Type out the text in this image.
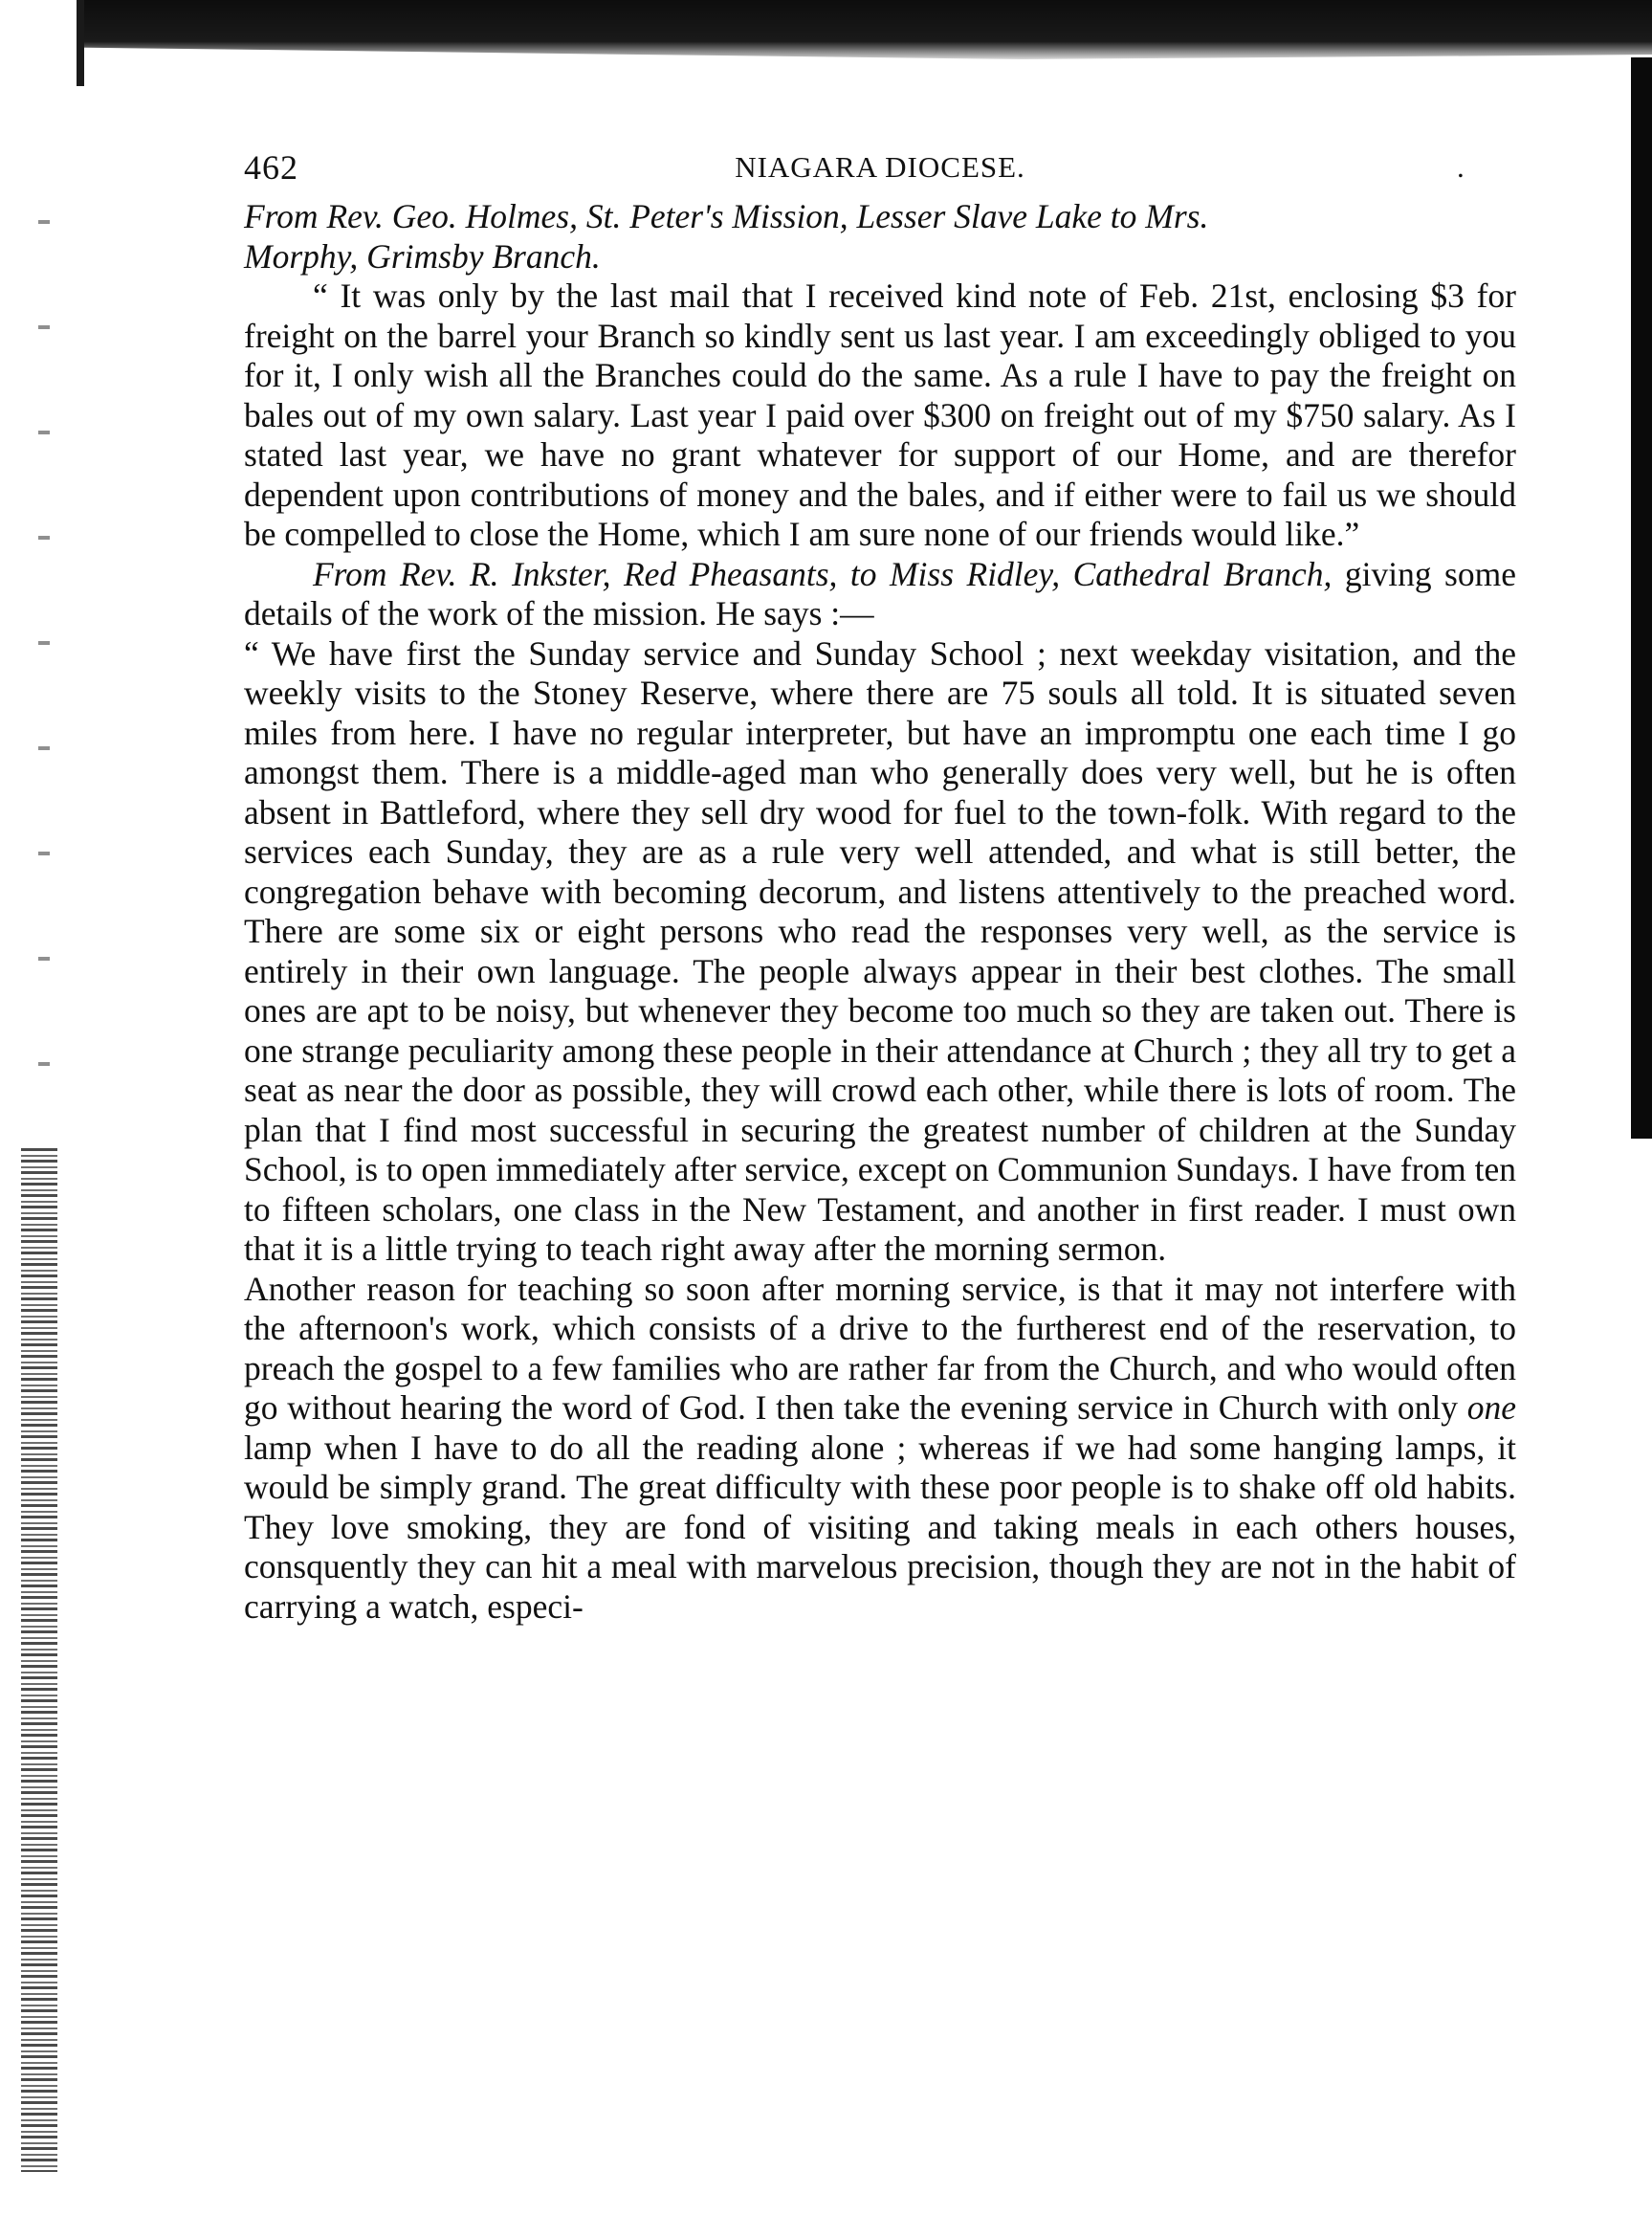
462	NIAGARA DIOCESE.	.

From Rev. Geo. Holmes, St. Peter's Mission, Lesser Slave Lake to Mrs.
Morphy, Grimsby Branch.

“ It was only by the last mail that I received kind note of Feb. 21st, enclosing $3 for freight on the barrel your Branch so kindly sent us last year. I am exceedingly obliged to you for it, I only wish all the Branches could do the same. As a rule I have to pay the freight on bales out of my own salary. Last year I paid over $300 on freight out of my $750 salary. As I stated last year, we have no grant whatever for support of our Home, and are therefor dependent upon contributions of money and the bales, and if either were to fail us we should be compelled to close the Home, which I am sure none of our friends would like.”

From Rev. R. Inkster, Red Pheasants, to Miss Ridley, Cathedral Branch, giving some details of the work of the mission. He says :—

“ We have first the Sunday service and Sunday School ; next weekday visitation, and the weekly visits to the Stoney Reserve, where there are 75 souls all told. It is situated seven miles from here. I have no regular interpreter, but have an impromptu one each time I go amongst them. There is a middle-aged man who generally does very well, but he is often absent in Battleford, where they sell dry wood for fuel to the town-folk. With regard to the services each Sunday, they are as a rule very well attended, and what is still better, the congregation behave with becoming decorum, and listens attentively to the preached word. There are some six or eight persons who read the responses very well, as the service is entirely in their own language. The people always appear in their best clothes. The small ones are apt to be noisy, but whenever they become too much so they are taken out. There is one strange peculiarity among these people in their attendance at Church ; they all try to get a seat as near the door as possible, they will crowd each other, while there is lots of room. The plan that I find most successful in securing the greatest number of children at the Sunday School, is to open immediately after service, except on Communion Sundays. I have from ten to fifteen scholars, one class in the New Testament, and another in first reader. I must own that it is a little trying to teach right away after the morning sermon.

Another reason for teaching so soon after morning service, is that it may not interfere with the afternoon's work, which consists of a drive to the furtherest end of the reservation, to preach the gospel to a few families who are rather far from the Church, and who would often go without hearing the word of God. I then take the evening service in Church with only one lamp when I have to do all the reading alone ; whereas if we had some hanging lamps, it would be simply grand. The great difficulty with these poor people is to shake off old habits. They love smoking, they are fond of visiting and taking meals in each others houses, consquently they can hit a meal with marvelous precision, though they are not in the habit of carrying a watch, especi-
